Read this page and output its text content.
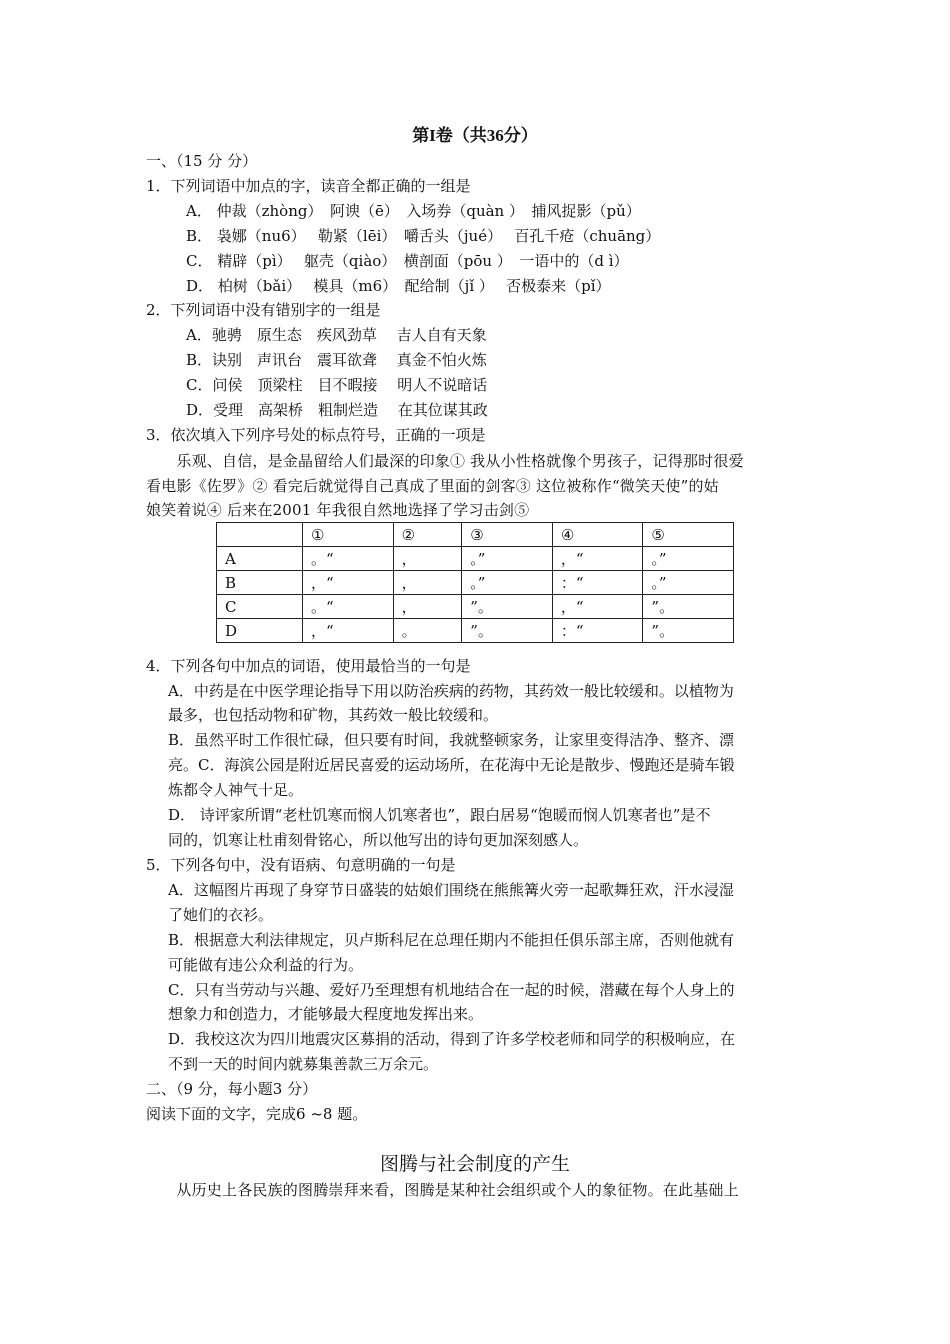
第I卷（共36分）
一、（15 分 分）
1．下列词语中加点的字，读音全都正确的一组是
A． 仲裁（zhòng）　阿谀（ē）　入场券（quàn ）　捕风捉影（pǔ）
B． 袅娜（nu6）　 勒紧（lēi）　嚼舌头（jué）　 百孔千疮（chuāng）
C． 精辟（pì）　 躯壳（qiào）　横剖面（pōu ）　一语中的（d ì）
D． 柏树（bǎi）　 模具（m6）　配给制（jǐ ）　 否极泰来（pǐ）
2．下列词语中没有错别字的一组是
A．驰骋　原生态　疾风劲草　 吉人自有天象
B．诀别　声讯台　震耳欲聋　 真金不怕火炼
C．问侯　顶梁柱　目不暇接　 明人不说暗话
D．受理　高架桥　粗制烂造　 在其位谋其政
3．依次填入下列序号处的标点符号，正确的一项是
　　乐观、自信，是金晶留给人们最深的印象① 我从小性格就像个男孩子，记得那时很爱
看电影《佐罗》② 看完后就觉得自己真成了里面的剑客③ 这位被称作“微笑天使”的姑
娘笑着说④ 后来在2001 年我很自然地选择了学习击剑⑤
	①	②	③	④	⑤
A	。“	，	。”	，“	。”
B	，“	，	。”	：“	。”
C	。“	，	”。	，“	”。
D	，“	。	”。	：“	”。
4．下列各句中加点的词语，使用最恰当的一句是
A．中药是在中医学理论指导下用以防治疾病的药物，其药效一般比较缓和。以植物为
最多，也包括动物和矿物，其药效一般比较缓和。
B．虽然平时工作很忙碌，但只要有时间，我就整顿家务，让家里变得洁净、整齐、漂
亮。C．海滨公园是附近居民喜爱的运动场所，在花海中无论是散步、慢跑还是骑车锻
炼都令人神气十足。
D． 诗评家所谓“老杜饥寒而悯人饥寒者也”，跟白居易“饱暖而悯人饥寒者也”是不
同的，饥寒让杜甫刻骨铭心，所以他写出的诗句更加深刻感人。
5．下列各句中，没有语病、句意明确的一句是
A．这幅图片再现了身穿节日盛装的姑娘们围绕在熊熊篝火旁一起歌舞狂欢，汗水浸湿
了她们的衣衫。
B．根据意大利法律规定，贝卢斯科尼在总理任期内不能担任俱乐部主席，否则他就有
可能做有违公众利益的行为。
C．只有当劳动与兴趣、爱好乃至理想有机地结合在一起的时候，潜藏在每个人身上的
想象力和创造力，才能够最大程度地发挥出来。
D．我校这次为四川地震灾区募捐的活动，得到了许多学校老师和同学的积极响应，在
不到一天的时间内就募集善款三万余元。
二、（9 分，每小题3 分）
阅读下面的文字，完成6 ~8 题。
图腾与社会制度的产生
　　从历史上各民族的图腾崇拜来看，图腾是某种社会组织或个人的象征物。在此基础上
